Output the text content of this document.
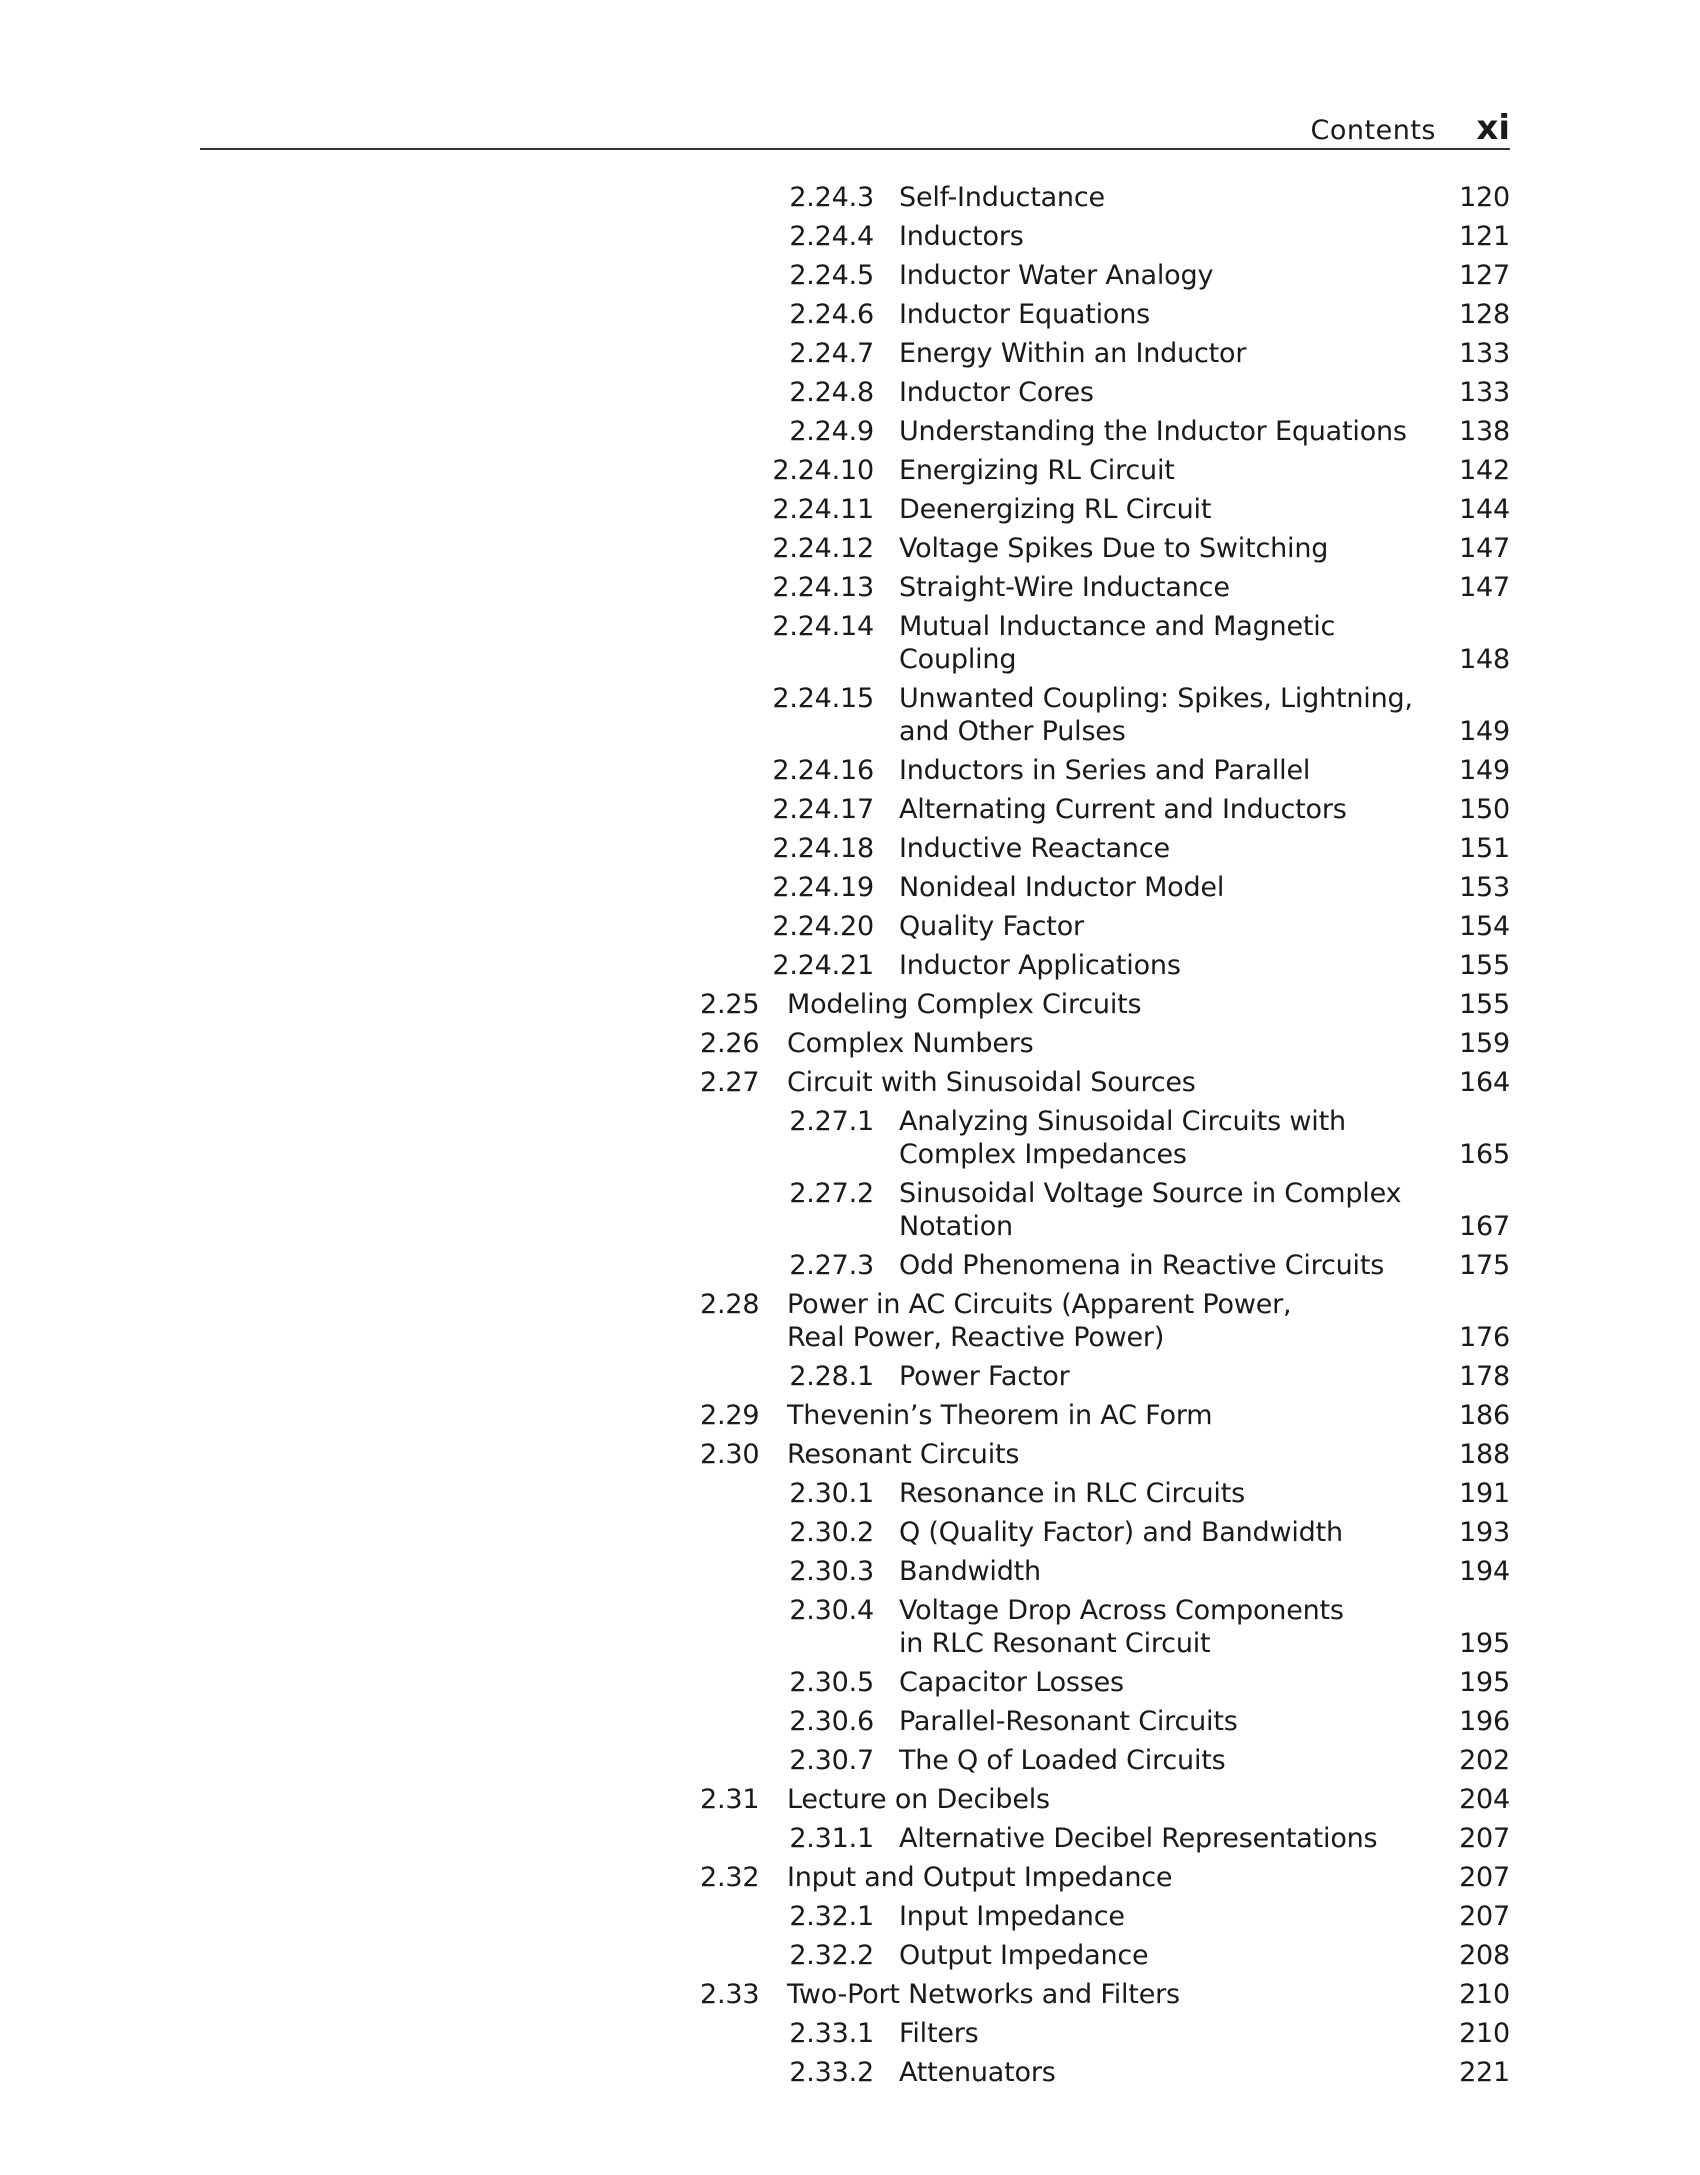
Contents xi
2.24.3 Self-Inductance	120
2.24.4 Inductors	121
2.24.5 Inductor Water Analogy	127
2.24.6 Inductor Equations	128
2.24.7 Energy Within an Inductor	133
2.24.8 Inductor Cores	133
2.24.9 Understanding the Inductor Equations	138
2.24.10 Energizing RL Circuit	142
2.24.11 Deenergizing RL Circuit	144
2.24.12 Voltage Spikes Due to Switching	147
2.24.13 Straight-Wire Inductance	147
2.24.14 Mutual Inductance and Magnetic Coupling	148
2.24.15 Unwanted Coupling: Spikes, Lightning,
and Other Pulses	149
2.24.16 Inductors in Series and Parallel	149
2.24.17 Alternating Current and Inductors	150
2.24.18 Inductive Reactance	151
2.24.19 Nonideal Inductor Model	153
2.24.20 Quality Factor	154
2.24.21 Inductor Applications	155
2.25 Modeling Complex Circuits	155
2.26 Complex Numbers	159
2.27 Circuit with Sinusoidal Sources	164
2.27.1 Analyzing Sinusoidal Circuits with
Complex Impedances	165
2.27.2 Sinusoidal Voltage Source in Complex Notation	167
2.27.3 Odd Phenomena in Reactive Circuits	175
2.28 Power in AC Circuits (Apparent Power,
Real Power, Reactive Power)	176
2.28.1 Power Factor	178
2.29 Thevenin’s Theorem in AC Form	186
2.30 Resonant Circuits	188
2.30.1 Resonance in RLC Circuits	191
2.30.2 Q (Quality Factor) and Bandwidth	193
2.30.3 Bandwidth	194
2.30.4 Voltage Drop Across Components
in RLC Resonant Circuit	195
2.30.5 Capacitor Losses	195
2.30.6 Parallel-Resonant Circuits	196
2.30.7 The Q of Loaded Circuits	202
2.31 Lecture on Decibels	204
2.31.1 Alternative Decibel Representations	207
2.32 Input and Output Impedance	207
2.32.1 Input Impedance	207
2.32.2 Output Impedance	208
2.33 Two-Port Networks and Filters	210
2.33.1 Filters	210
2.33.2 Attenuators	221
